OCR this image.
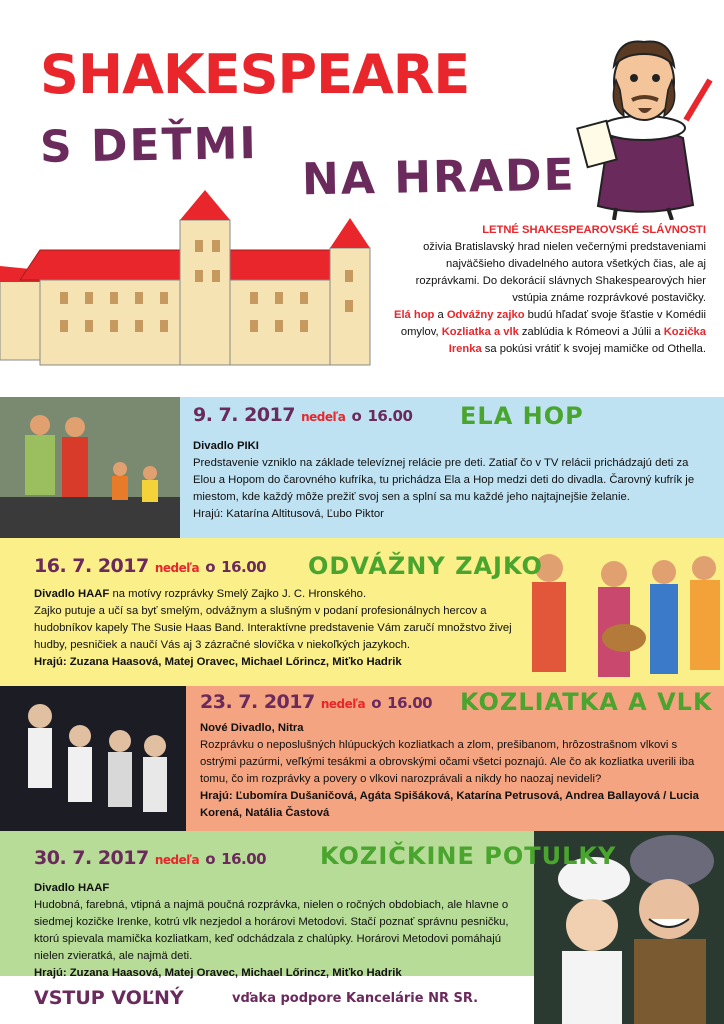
SHAKESPEARE
S DEŤMI
NA HRADE

LETNÉ SHAKESPEAROVSKÉ SLÁVNOSTI

oživia Bratislavský hrad nielen večernými predstaveniami najväčšieho divadelného autora všetkých čias, ale aj rozprávkami. Do dekorácií slávnych Shakespearových hier vstúpia známe rozprávkové postavičky.

Elá hop a Odvážny zajko budú hľadať svoje šťastie v Komédii omylov, Kozliatka a vlk zablúdia k Rómeovi a Júlii a Kozička Irenka sa pokúsi vrátiť k svojej mamičke od Othella.

9. 7. 2017 nedeľa o 16.00 ELA HOP

Divadlo PIKI

Predstavenie vzniklo na základe televíznej relácie pre deti. Zatiaľ čo v TV relácii prichádzajú deti za Elou a Hopom do čarovného kufríka, tu prichádza Ela a Hop medzi deti do divadla. Čarovný kufrík je miestom, kde každý môže prežiť svoj sen a splní sa mu každé jeho najtajnejšie želanie.

Hrajú: Katarína Altitusová, Ľubo Piktor

16. 7. 2017 nedeľa o 16.00 ODVÁŽNY ZAJKO

Divadlo HAAF na motívy rozprávky Smelý Zajko J. C. Hronského.

Zajko putuje a učí sa byť smelým, odvážnym a slušným v podaní profesionálnych hercov a hudobníkov kapely The Susie Haas Band. Interaktívne predstavenie Vám zaručí množstvo živej hudby, pesničiek a naučí Vás aj 3 zázračné slovíčka v niekoľkých jazykoch.

Hrajú: Zuzana Haasová, Matej Oravec, Michael Lőrincz, Miťko Hadrik

23. 7. 2017 nedeľa o 16.00 KOZLIATKA A VLK

Nové Divadlo, Nitra

Rozprávku o neposlušných hlúpuckých kozliatkach a zlom, prešibanom, hrôzostrašnom vlkovi s ostrými pazúrmi, veľkými tesákmi a obrovskými očami všetci poznajú. Ale čo ak kozliatka uverili iba tomu, čo im rozprávky a povery o vlkovi narozprávali a nikdy ho naozaj nevideli?

Hrajú: Ľubomíra Dušaničová, Agáta Spišáková, Katarína Petrusová, Andrea Ballayová / Lucia Korená, Natália Častová

30. 7. 2017 nedeľa o 16.00 KOZIČKINE POTULKY

Divadlo HAAF

Hudobná, farebná, vtipná a najmä poučná rozprávka, nielen o ročných obdobiach, ale hlavne o siedmej kozičke Irenke, kotrú vlk nezjedol a horárovi Metodovi. Stačí poznať správnu pesničku, ktorú spievala mamička kozliatkam, keď odchádzala z chalúpky. Horárovi Metodovi pomáhajú nielen zvieratká, ale najmä deti.

Hrajú: Zuzana Haasová, Matej Oravec, Michael Lőrincz, Miťko Hadrik

VSTUP VOĽNÝ	vďaka podpore Kancelárie NR SR.
